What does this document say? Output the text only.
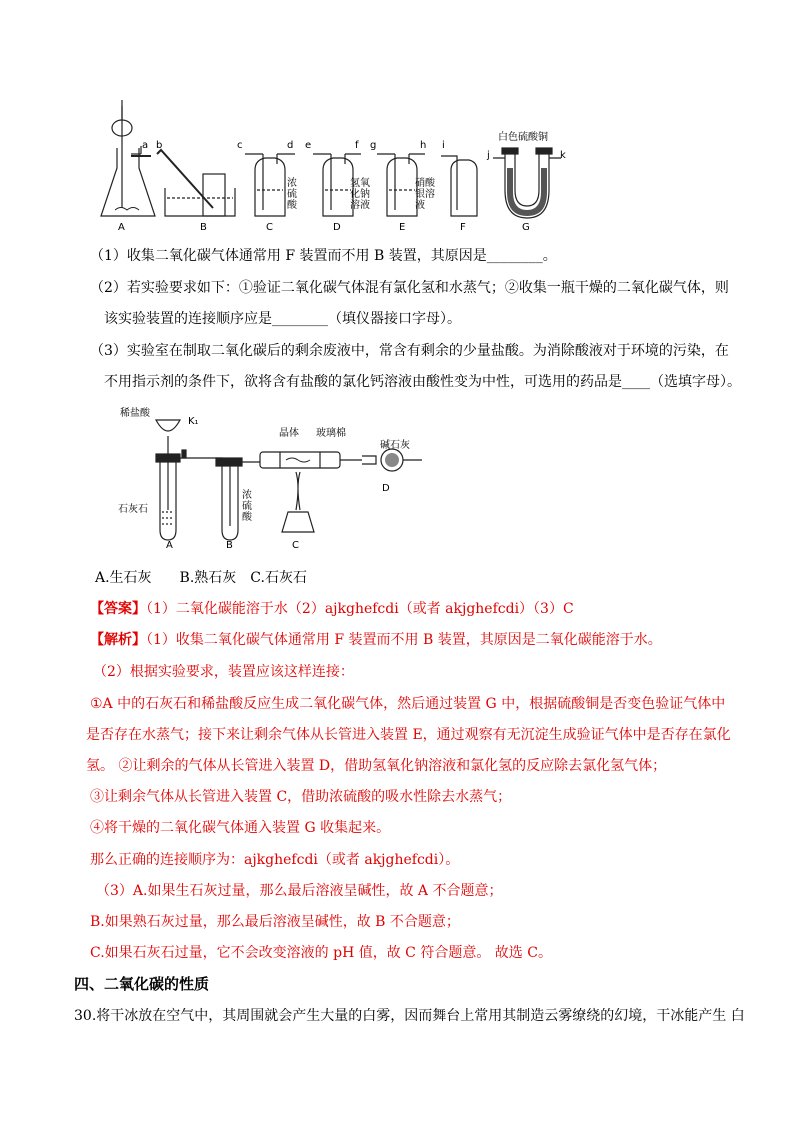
a b	c	d e	f g	h i
j	k
白色硫酸铜
浓
硫
酸
氢氧
化钠
溶液
硝酸
银溶
液
A	B	C	D	E	F	G
（1）收集二氧化碳气体通常用 F 装置而不用 B 装置，其原因是________。
（2）若实验要求如下：①验证二氧化碳气体混有氯化氢和水蒸气；②收集一瓶干燥的二氧化碳气体，则
该实验装置的连接顺序应是________（填仪器接口字母）。
（3）实验室在制取二氧化碳后的剩余废液中，常含有剩余的少量盐酸。为消除酸液对于环境的污染，在
不用指示剂的条件下，欲将含有盐酸的氯化钙溶液由酸性变为中性，可选用的药品是____（选填字母）。
稀盐酸
K₁
晶体 玻璃棉
碱石灰
石灰石
浓
硫
酸
A	B	C
D
A.生石灰　　B.熟石灰　C.石灰石
【答案】（1）二氧化碳能溶于水（2）ajkghefcdi（或者 akjghefcdi）（3）C
【解析】（1）收集二氧化碳气体通常用 F 装置而不用 B 装置，其原因是二氧化碳能溶于水。
（2）根据实验要求，装置应该这样连接：
①A 中的石灰石和稀盐酸反应生成二氧化碳气体，然后通过装置 G 中，根据硫酸铜是否变色验证气体中
是否存在水蒸气；接下来让剩余气体从长管进入装置 E，通过观察有无沉淀生成验证气体中是否存在氯化
氢。 ②让剩余的气体从长管进入装置 D，借助氢氧化钠溶液和氯化氢的反应除去氯化氢气体；
③让剩余气体从长管进入装置 C，借助浓硫酸的吸水性除去水蒸气；
④将干燥的二氧化碳气体通入装置 G 收集起来。
那么正确的连接顺序为：ajkghefcdi（或者 akjghefcdi）。
（3）A.如果生石灰过量，那么最后溶液呈碱性，故 A 不合题意；
B.如果熟石灰过量，那么最后溶液呈碱性，故 B 不合题意；
C.如果石灰石过量，它不会改变溶液的 pH 值，故 C 符合题意。 故选 C。
四、二氧化碳的性质
30.将干冰放在空气中，其周围就会产生大量的白雾，因而舞台上常用其制造云雾缭绕的幻境，干冰能产生 白
